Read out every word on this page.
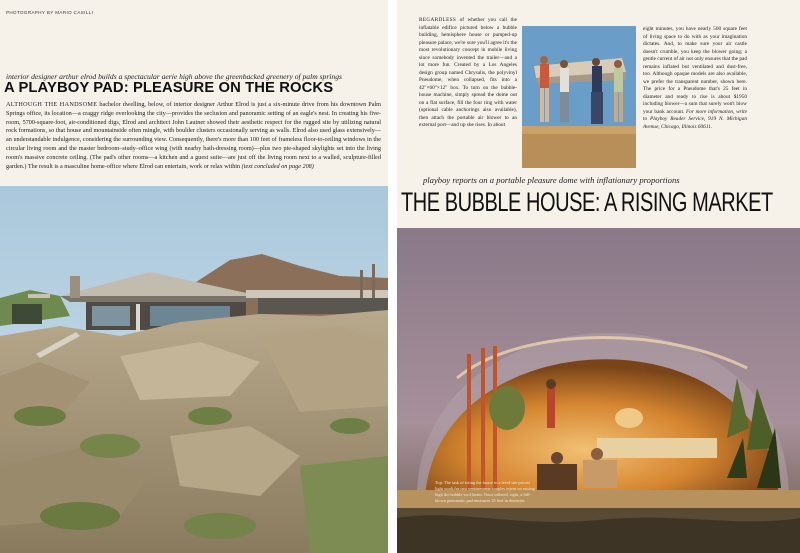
PHOTOGRAPHY BY MARIO CASILLI
interior designer arthur elrod builds a spectacular aerie high above the greenbacked greenery of palm springs
A PLAYBOY PAD: PLEASURE ON THE ROCKS

ALTHOUGH THE HANDSOME bachelor dwelling, below, of interior designer Arthur Elrod is just a six-minute drive from his downtown Palm Springs office, its location—a craggy ridge overlooking the city—provides the seclusion and panoramic setting of an eagle's nest. In creating his five-room, 5700-square-foot, air-conditioned digs, Elrod and architect John Lautner showed their aesthetic respect for the rugged site by utilizing natural rock formations, so that house and mountainside often mingle, with boulder clusters occasionally serving as walls. Elrod also used glass extensively—an understandable indulgence, considering the surrounding view. Consequently, there's more than 100 feet of frameless floor-to-ceiling windows in the circular living room and the master bedroom–study–office wing (with nearby bath-dressing room)—plus two pie-shaped skylights set into the living room's massive concrete ceiling. (The pad's other rooms—a kitchen and a guest suite—are just off the living room next to a walled, sculpture-filled garden.) The result is a masculine home-office where Elrod can entertain, work or relax within (text concluded on page 208)

REGARDLESS of whether you call the inflatable edifice pictured below a bubble building, hemisphere house or pumped-up pleasure palace, we're sure you'll agree it's the most revolutionary concept in mobile living since somebody invented the trailer—and a lot more fun. Created by a Los Angeles design group named Chrysalis, the polyvinyl Pneudome, when collapsed, fits into a 42"×60"×12" box. To turn on the bubble-house machine, simply spread the dome out on a flat surface, fill the four ring with water (optional cable anchorings also available), then attach the portable air blower to an external port—and up she rises. In about

eight minutes, you have nearly 500 square feet of living space to do with as your imagination dictates. And, to make sure your air castle doesn't crumble, you keep the blower going; a gentle current of air not only ensures that the pad remains inflated but ventilated and dust-free, too. Although opaque models are also available, we prefer the transparent number, shown here. The price for a Pneudome that's 25 feet in diameter and ready to rise is about $1950 including blower—a sum that surely won't blow your bank account. For more information, write to Playboy Reader Service, 919 N. Michigan Avenue, Chicago, Illinois 60611.

playboy reports on a portable pleasure dome with inflationary proportions
THE BUBBLE HOUSE: A RISING MARKET

Top: The task of toting the house to a level site proves light work for two venturesome couples intent on raising high the bubble-roof beam. Once inflated, right, a full-blown pneumatic pad measures 25 feet in diameter.
